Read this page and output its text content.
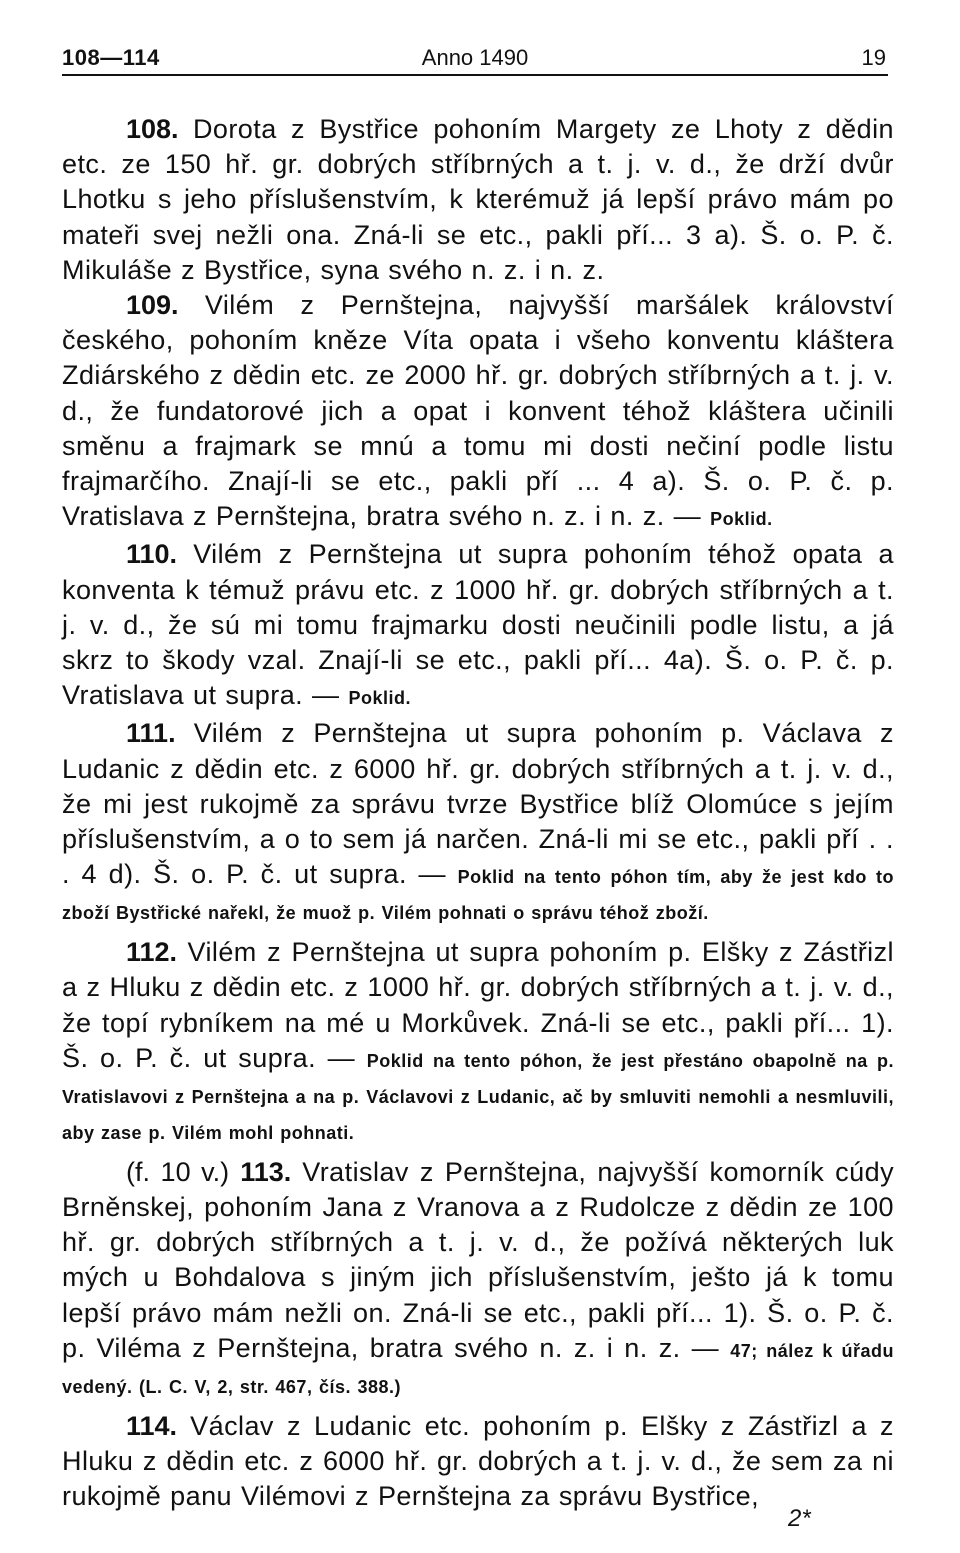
108—114	Anno 1490	19

108. Dorota z Bystřice pohoním Margety ze Lhoty z dědin etc. ze 150 hř. gr. dobrých stříbrných a t. j. v. d., že drží dvůr Lhotku s jeho příslušenstvím, k kterémuž já lepší právo mám po mateři svej nežli ona. Zná-li se etc., pakli pří... 3 a). Š. o. P. č. Mikuláše z Bystřice, syna svého n. z. i n. z.

109. Vilém z Pernštejna, najvyšší maršálek království českého, pohoním kněze Víta opata i všeho konventu kláštera Zdiárského z dědin etc. ze 2000 hř. gr. dobrých stříbrných a t. j. v. d., že fundatorové jich a opat i konvent téhož kláštera učinili směnu a frajmark se mnú a tomu mi dosti nečiní podle listu frajmarčího. Znají-li se etc., pakli pří ... 4 a). Š. o. P. č. p. Vratislava z Pernštejna, bratra svého n. z. i n. z. — Poklid.

110. Vilém z Pernštejna ut supra pohoním téhož opata a konventa k témuž právu etc. z 1000 hř. gr. dobrých stříbrných a t. j. v. d., že sú mi tomu frajmarku dosti neučinili podle listu, a já skrz to škody vzal. Znají-li se etc., pakli pří... 4a). Š. o. P. č. p. Vratislava ut supra. — Poklid.

111. Vilém z Pernštejna ut supra pohoním p. Václava z Ludanic z dědin etc. z 6000 hř. gr. dobrých stříbrných a t. j. v. d., že mi jest rukojmě za správu tvrze Bystřice blíž Olomúce s jejím příslušenstvím, a o to sem já narčen. Zná-li mi se etc., pakli pří . . . 4 d). Š. o. P. č. ut supra. — Poklid na tento póhon tím, aby že jest kdo to zboží Bystřické nařekl, že muož p. Vilém pohnati o správu téhož zboží.

112. Vilém z Pernštejna ut supra pohoním p. Elšky z Zástřizl a z Hluku z dědin etc. z 1000 hř. gr. dobrých stříbrných a t. j. v. d., že topí rybníkem na mé u Morkůvek. Zná-li se etc., pakli pří... 1). Š. o. P. č. ut supra. — Poklid na tento póhon, že jest přestáno obapolně na p. Vratislavovi z Pernštejna a na p. Václavovi z Ludanic, ač by smluviti nemohli a nesmluvili, aby zase p. Vilém mohl pohnati.

(f. 10 v.) 113. Vratislav z Pernštejna, najvyšší komorník cúdy Brněnskej, pohoním Jana z Vranova a z Rudolcze z dědin ze 100 hř. gr. dobrých stříbrných a t. j. v. d., že požívá některých luk mých u Bohdalova s jiným jich příslušenstvím, ještо já k tomu lepší právo mám nežli on. Zná-li se etc., pakli pří... 1). Š. o. P. č. p. Viléma z Pernštejna, bratra svého n. z. i n. z. — 47; nález k úřadu vedený. (L. C. V, 2, str. 467, čís. 388.)

114. Václav z Ludanic etc. pohoním p. Elšky z Zástřizl a z Hluku z dědin etc. z 6000 hř. gr. dobrých a t. j. v. d., že sem za ni rukojmě panu Vilémovi z Pernštejna za správu Bystřice,

2*
